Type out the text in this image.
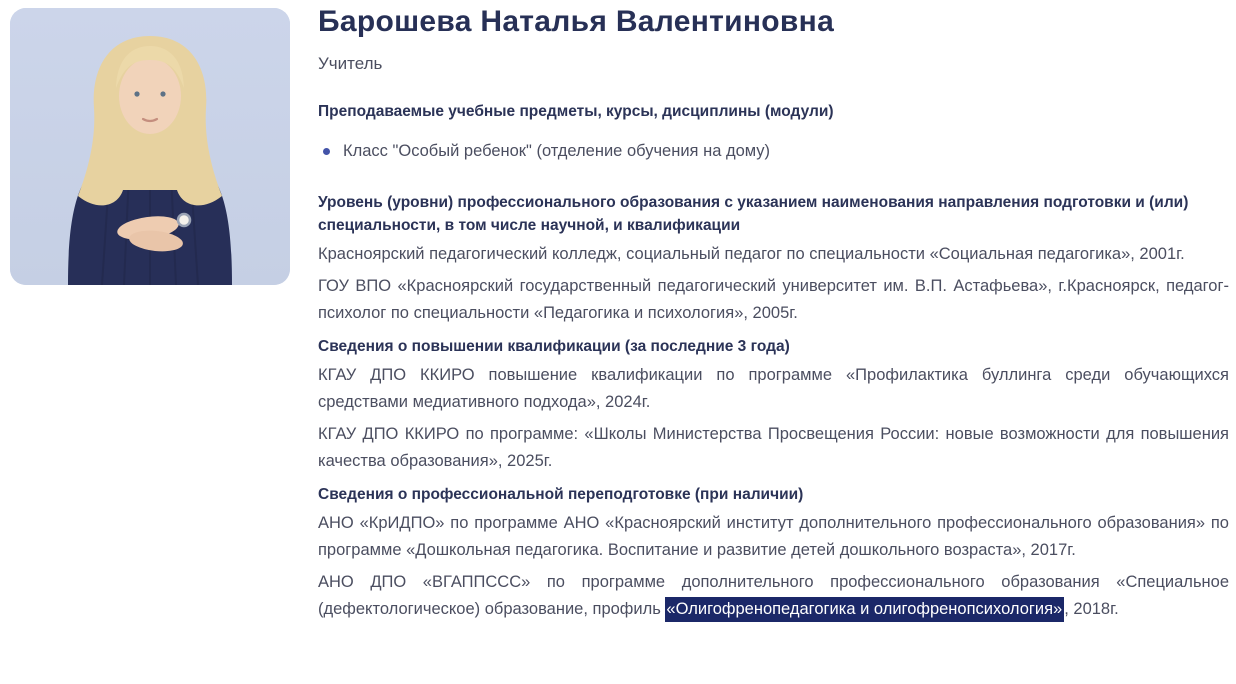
Барошева Наталья Валентиновна
Учитель
Преподаваемые учебные предметы, курсы, дисциплины (модули)
Класс "Особый ребенок" (отделение обучения на дому)
Уровень (уровни) профессионального образования с указанием наименования направления подготовки и (или) специальности, в том числе научной, и квалификации

Красноярский педагогический колледж, социальный педагог по специальности «Социальная педагогика», 2001г.

ГОУ ВПО «Красноярский государственный педагогический университет им. В.П. Астафьева», г.Красноярск, педагог-психолог по специальности «Педагогика и психология», 2005г.

Сведения о повышении квалификации (за последние 3 года)

КГАУ ДПО ККИРО повышение квалификации по программе «Профилактика буллинга среди обучающихся средствами медиативного подхода», 2024г.

КГАУ ДПО ККИРО по программе: «Школы Министерства Просвещения России: новые возможности для повышения качества образования», 2025г.

Сведения о профессиональной переподготовке (при наличии)

АНО «КрИДПО» по программе АНО «Красноярский институт дополнительного профессионального образования» по программе «Дошкольная педагогика. Воспитание и развитие детей дошкольного возраста», 2017г.

АНО ДПО «ВГАППССС» по программе дополнительного профессионального образования «Специальное (дефектологическое) образование, профиль «Олигофренопедагогика и олигофренопсихология» , 2018г.
